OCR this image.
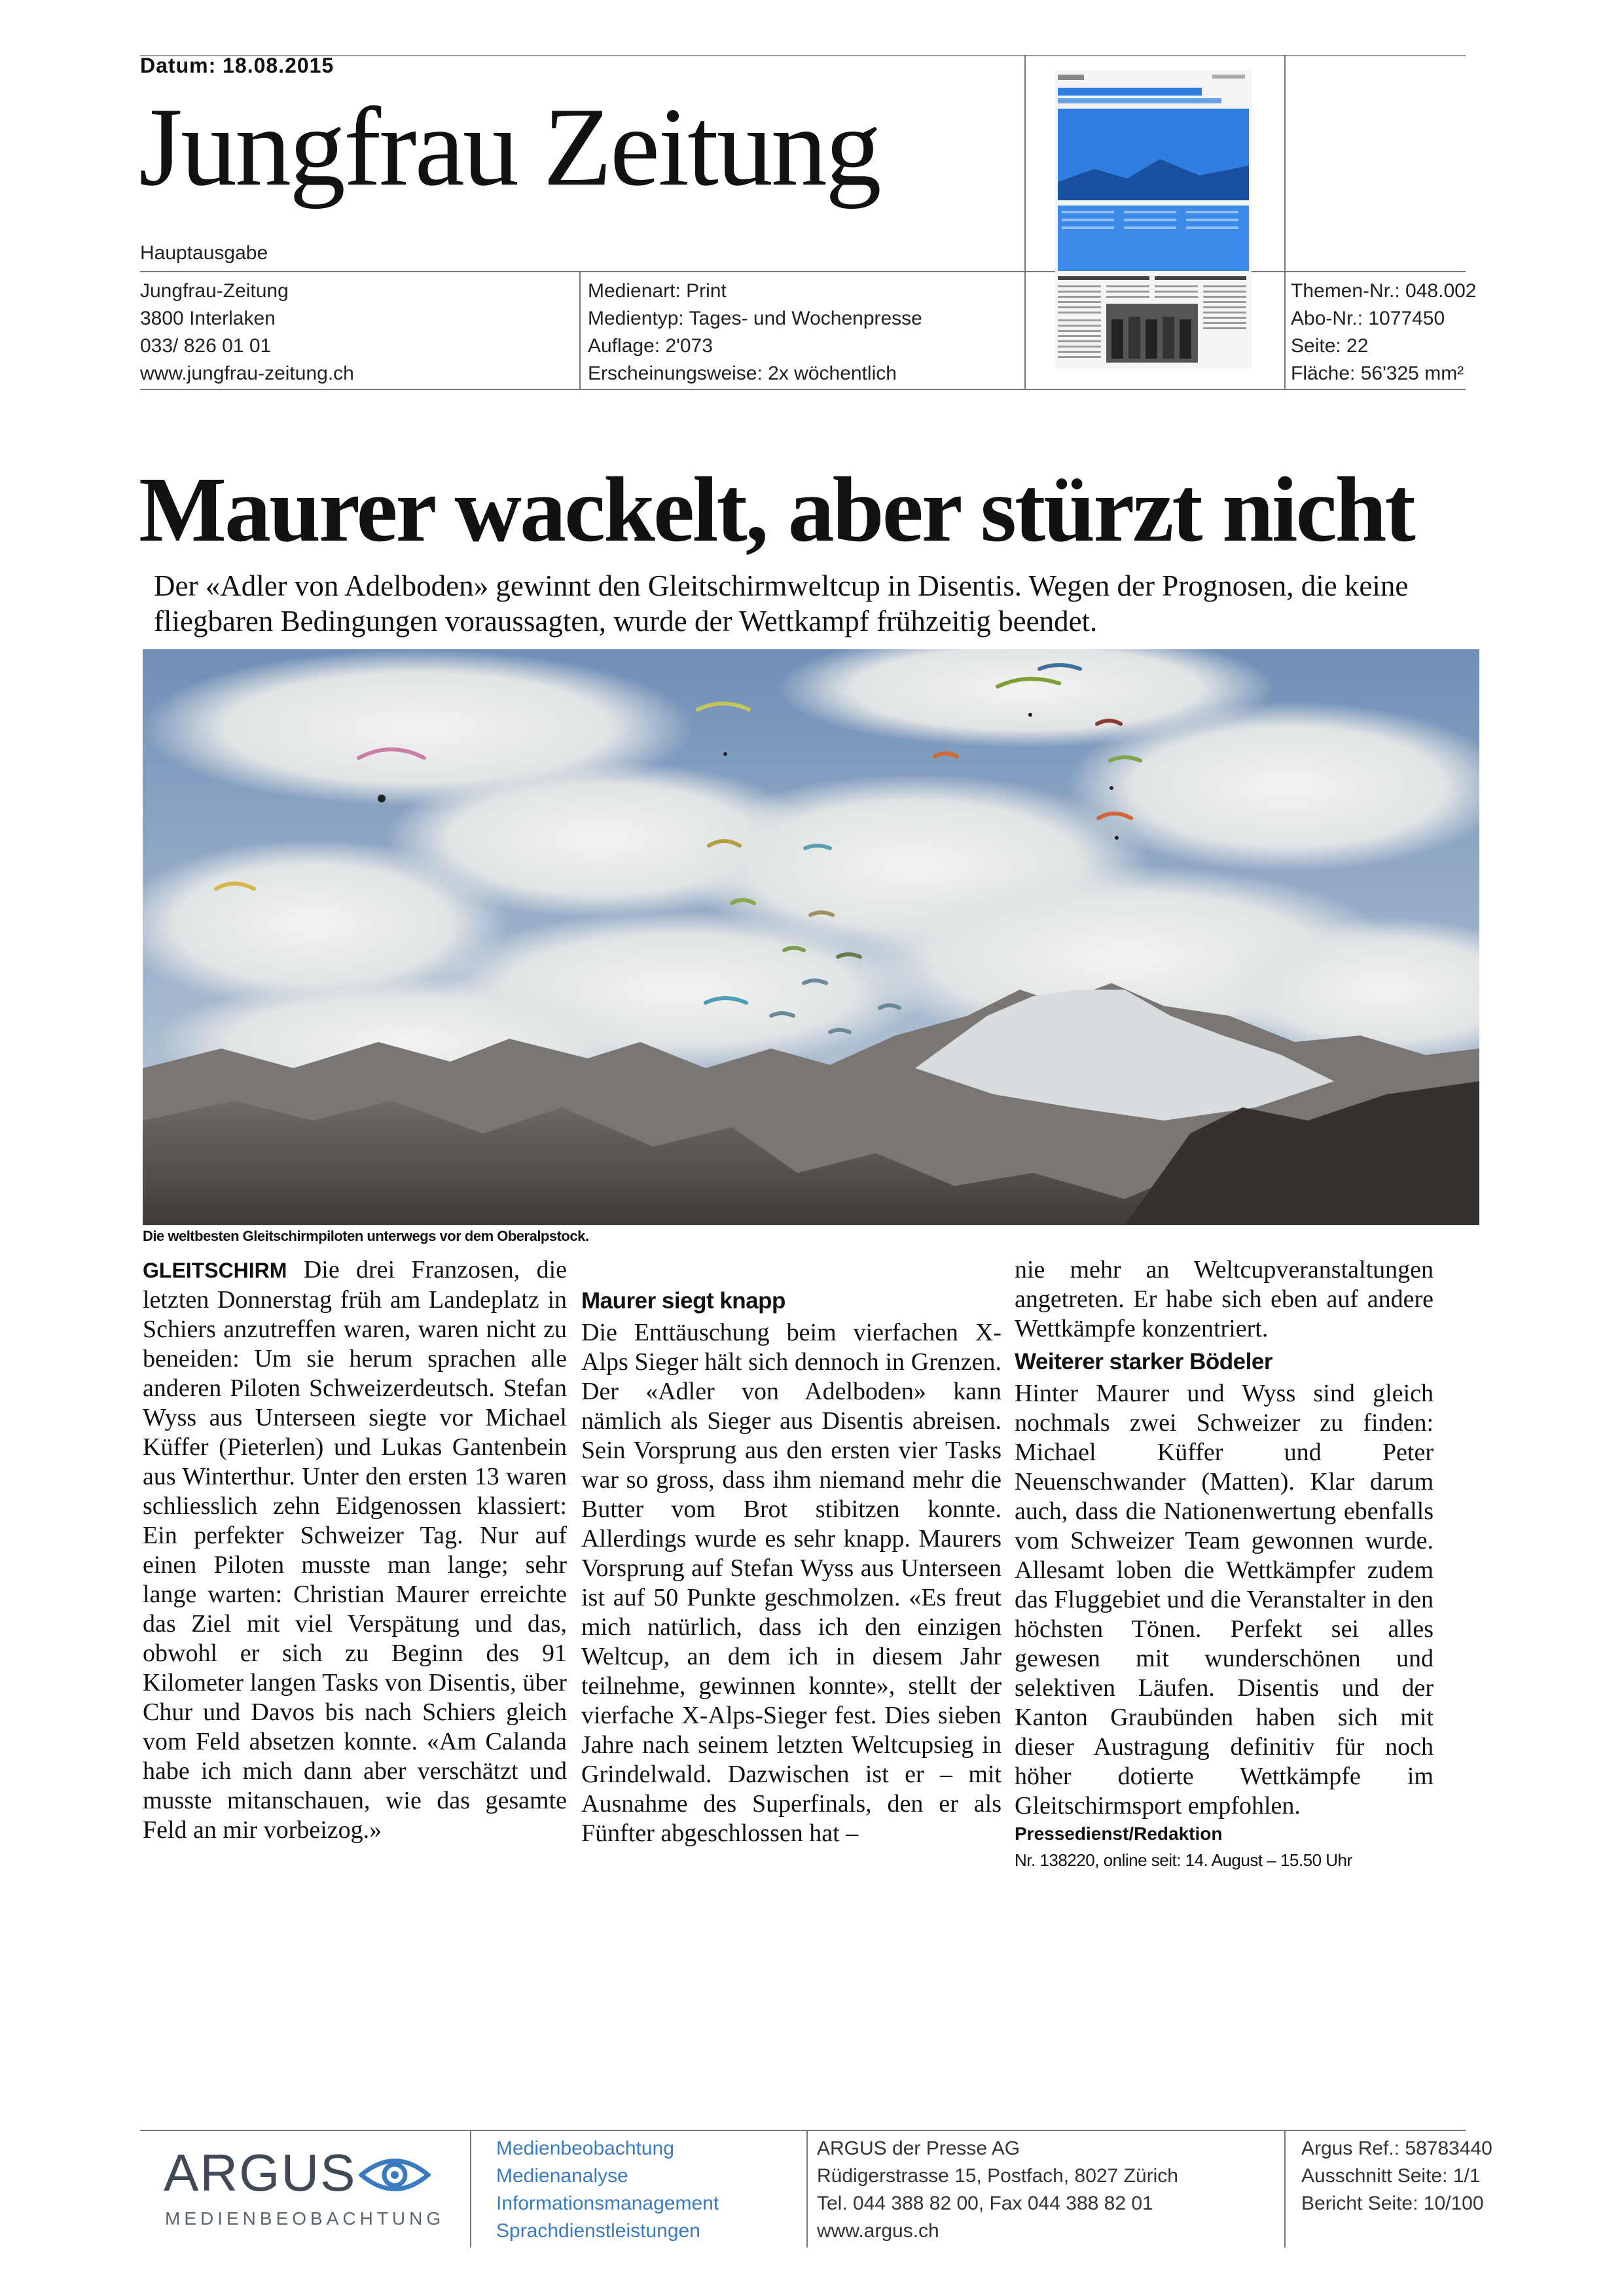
Datum: 18.08.2015
Jungfrau Zeitung
Hauptausgabe
Jungfrau-Zeitung
3800 Interlaken
033/ 826 01 01
www.jungfrau-zeitung.ch
Medienart: Print
Medientyp: Tages- und Wochenpresse
Auflage: 2'073
Erscheinungsweise: 2x wöchentlich
Themen-Nr.: 048.002
Abo-Nr.: 1077450
Seite: 22
Fläche: 56'325 mm²
Maurer wackelt, aber stürzt nicht
Der «Adler von Adelboden» gewinnt den Gleitschirmweltcup in Disentis. Wegen der Prognosen, die keine fliegbaren Bedingungen voraussagten, wurde der Wettkampf frühzeitig beendet.
Die weltbesten Gleitschirmpiloten unterwegs vor dem Oberalpstock.

GLEITSCHIRM Die drei Franzosen, die letzten Donnerstag früh am Landeplatz in Schiers anzutreffen waren, waren nicht zu beneiden: Um sie herum sprachen alle anderen Piloten Schweizerdeutsch. Stefan Wyss aus Unterseen siegte vor Michael Küffer (Pieterlen) und Lukas Gantenbein aus Winterthur. Unter den ersten 13 waren schliesslich zehn Eidgenossen klassiert: Ein perfekter Schweizer Tag. Nur auf einen Piloten musste man lange; sehr lange warten: Christian Maurer erreichte das Ziel mit viel Verspätung und das, obwohl er sich zu Beginn des 91 Kilometer langen Tasks von Disentis, über Chur und Davos bis nach Schiers gleich vom Feld absetzen konnte. «Am Calanda habe ich mich dann aber verschätzt und musste mitanschauen, wie das gesamte Feld an mir vorbeizog.»

Maurer siegt knapp

Die Enttäuschung beim vierfachen X-Alps Sieger hält sich dennoch in Grenzen. Der «Adler von Adelboden» kann nämlich als Sieger aus Disentis abreisen. Sein Vorsprung aus den ersten vier Tasks war so gross, dass ihm niemand mehr die Butter vom Brot stibitzen konnte. Allerdings wurde es sehr knapp. Maurers Vorsprung auf Stefan Wyss aus Unterseen ist auf 50 Punkte geschmolzen. «Es freut mich natürlich, dass ich den einzigen Weltcup, an dem ich in diesem Jahr teilnehme, gewinnen konnte», stellt der vierfache X-Alps-Sieger fest. Dies sieben Jahre nach seinem letzten Weltcupsieg in Grindelwald. Dazwischen ist er – mit Ausnahme des Superfinals, den er als Fünfter abgeschlossen hat –

nie mehr an Weltcupveranstaltungen angetreten. Er habe sich eben auf andere Wettkämpfe konzentriert.

Weiterer starker Bödeler

Hinter Maurer und Wyss sind gleich nochmals zwei Schweizer zu finden: Michael Küffer und Peter Neuenschwander (Matten). Klar darum auch, dass die Nationenwertung ebenfalls vom Schweizer Team gewonnen wurde. Allesamt loben die Wettkämpfer zudem das Fluggebiet und die Veranstalter in den höchsten Tönen. Perfekt sei alles gewesen mit wunderschönen und selektiven Läufen. Disentis und der Kanton Graubünden haben sich mit dieser Austragung definitiv für noch höher dotierte Wettkämpfe im Gleitschirmsport empfohlen.

Pressedienst/Redaktion
Nr. 138220, online seit: 14. August – 15.50 Uhr
ARGUS
MEDIENBEOBACHTUNG
Medienbeobachtung
Medienanalyse
Informationsmanagement
Sprachdienstleistungen
ARGUS der Presse AG
Rüdigerstrasse 15, Postfach, 8027 Zürich
Tel. 044 388 82 00, Fax 044 388 82 01
www.argus.ch
Argus Ref.: 58783440
Ausschnitt Seite: 1/1
Bericht Seite: 10/100
